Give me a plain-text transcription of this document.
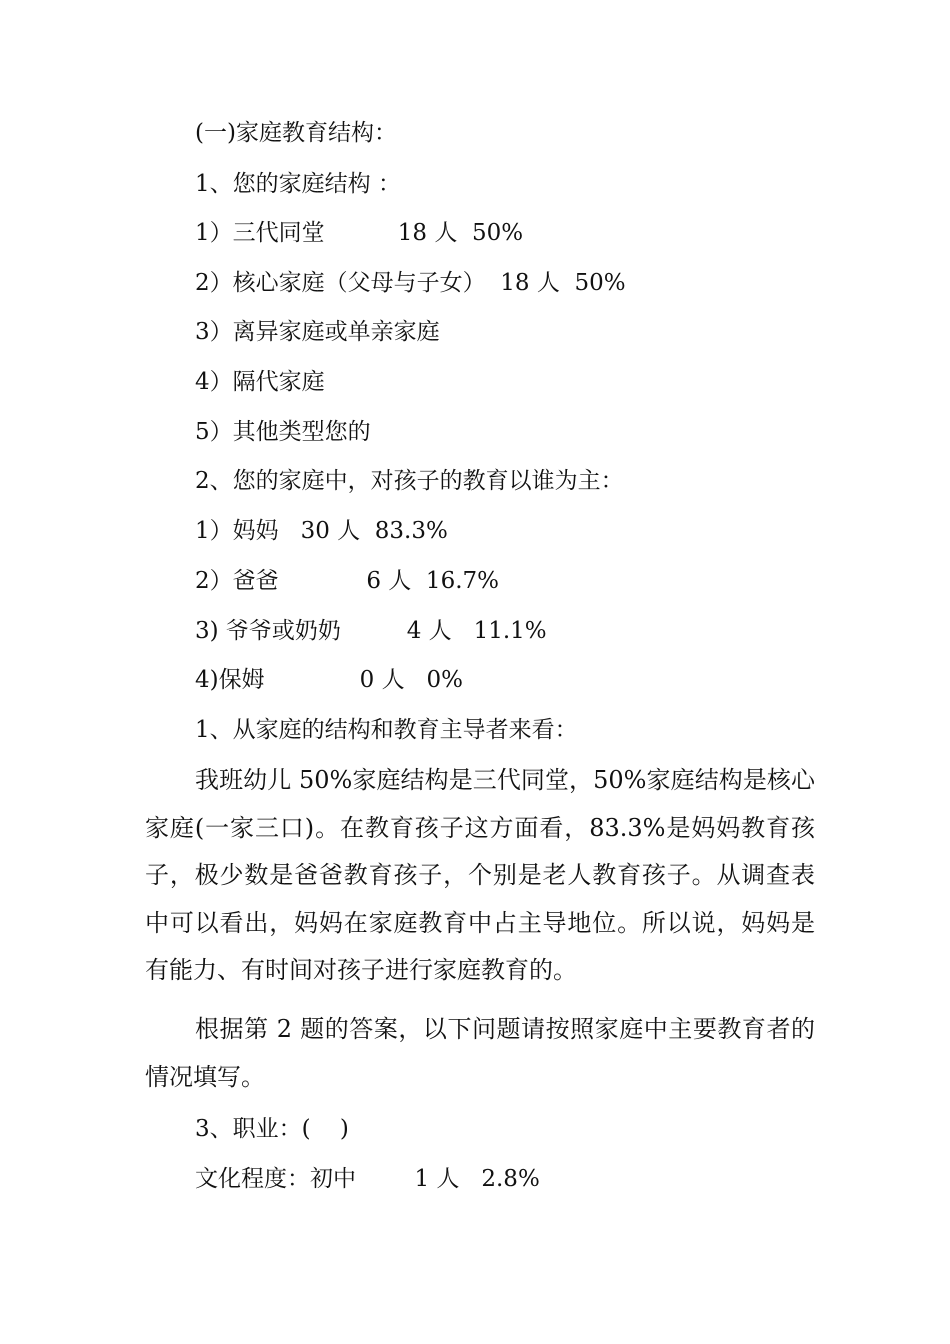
(一)家庭教育结构：

1、您的家庭结构 ：

1）三代同堂          18 人  50%

2）核心家庭（父母与子女）  18 人  50%

3）离异家庭或单亲家庭

4）隔代家庭

5）其他类型您的

2、您的家庭中，对孩子的教育以谁为主：

1）妈妈   30 人  83.3%

2）爸爸            6 人  16.7%

3) 爷爷或奶奶         4 人   11.1%

4)保姆             0 人   0%

1、从家庭的结构和教育主导者来看：

我班幼儿 50%家庭结构是三代同堂，50%家庭结构是核心家庭(一家三口)。在教育孩子这方面看，83.3%是妈妈教育孩子，极少数是爸爸教育孩子，个别是老人教育孩子。从调查表中可以看出，妈妈在家庭教育中占主导地位。所以说，妈妈是有能力、有时间对孩子进行家庭教育的。

根据第 2 题的答案，以下问题请按照家庭中主要教育者的情况填写。

3、职业：(    )

文化程度：初中        1 人   2.8%
